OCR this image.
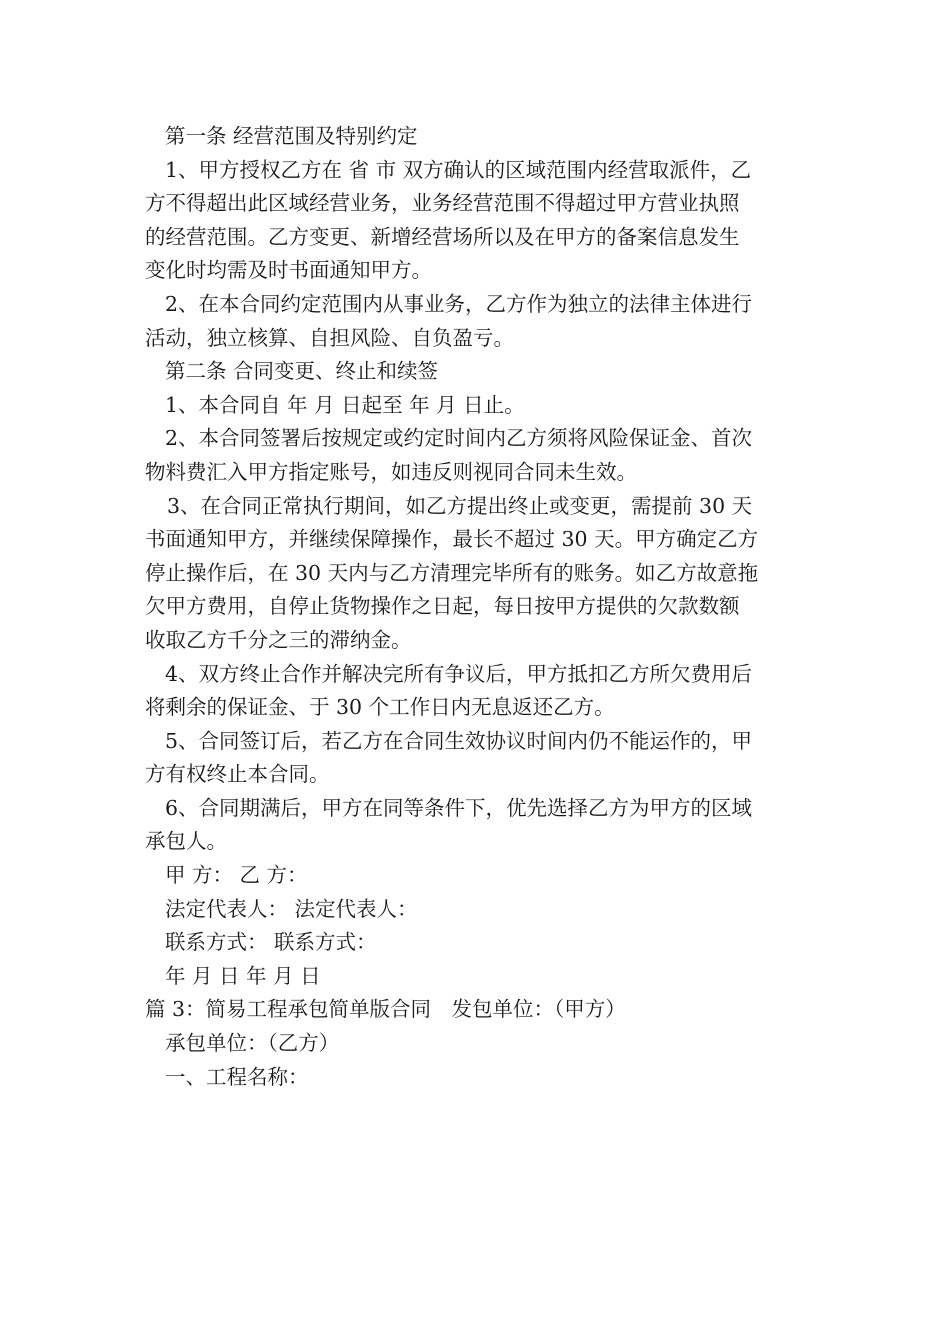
第一条 经营范围及特别约定
1、甲方授权乙方在 省 市 双方确认的区域范围内经营取派件，乙
方不得超出此区域经营业务，业务经营范围不得超过甲方营业执照
的经营范围。乙方变更、新增经营场所以及在甲方的备案信息发生
变化时均需及时书面通知甲方。
2、在本合同约定范围内从事业务，乙方作为独立的法律主体进行
活动，独立核算、自担风险、自负盈亏。
第二条 合同变更、终止和续签
1、本合同自 年 月 日起至 年 月 日止。
2、本合同签署后按规定或约定时间内乙方须将风险保证金、首次
物料费汇入甲方指定账号，如违反则视同合同未生效。
3、在合同正常执行期间，如乙方提出终止或变更，需提前 30 天
书面通知甲方，并继续保障操作，最长不超过 30 天。甲方确定乙方
停止操作后，在 30 天内与乙方清理完毕所有的账务。如乙方故意拖
欠甲方费用，自停止货物操作之日起，每日按甲方提供的欠款数额
收取乙方千分之三的滞纳金。
4、双方终止合作并解决完所有争议后，甲方抵扣乙方所欠费用后
将剩余的保证金、于 30 个工作日内无息返还乙方。
5、合同签订后，若乙方在合同生效协议时间内仍不能运作的，甲
方有权终止本合同。
6、合同期满后，甲方在同等条件下，优先选择乙方为甲方的区域
承包人。
甲 方： 乙 方：
法定代表人： 法定代表人：
联系方式： 联系方式：
年 月 日 年 月 日
篇 3：简易工程承包简单版合同　发包单位：（甲方）
承包单位：（乙方）
一、工程名称：
